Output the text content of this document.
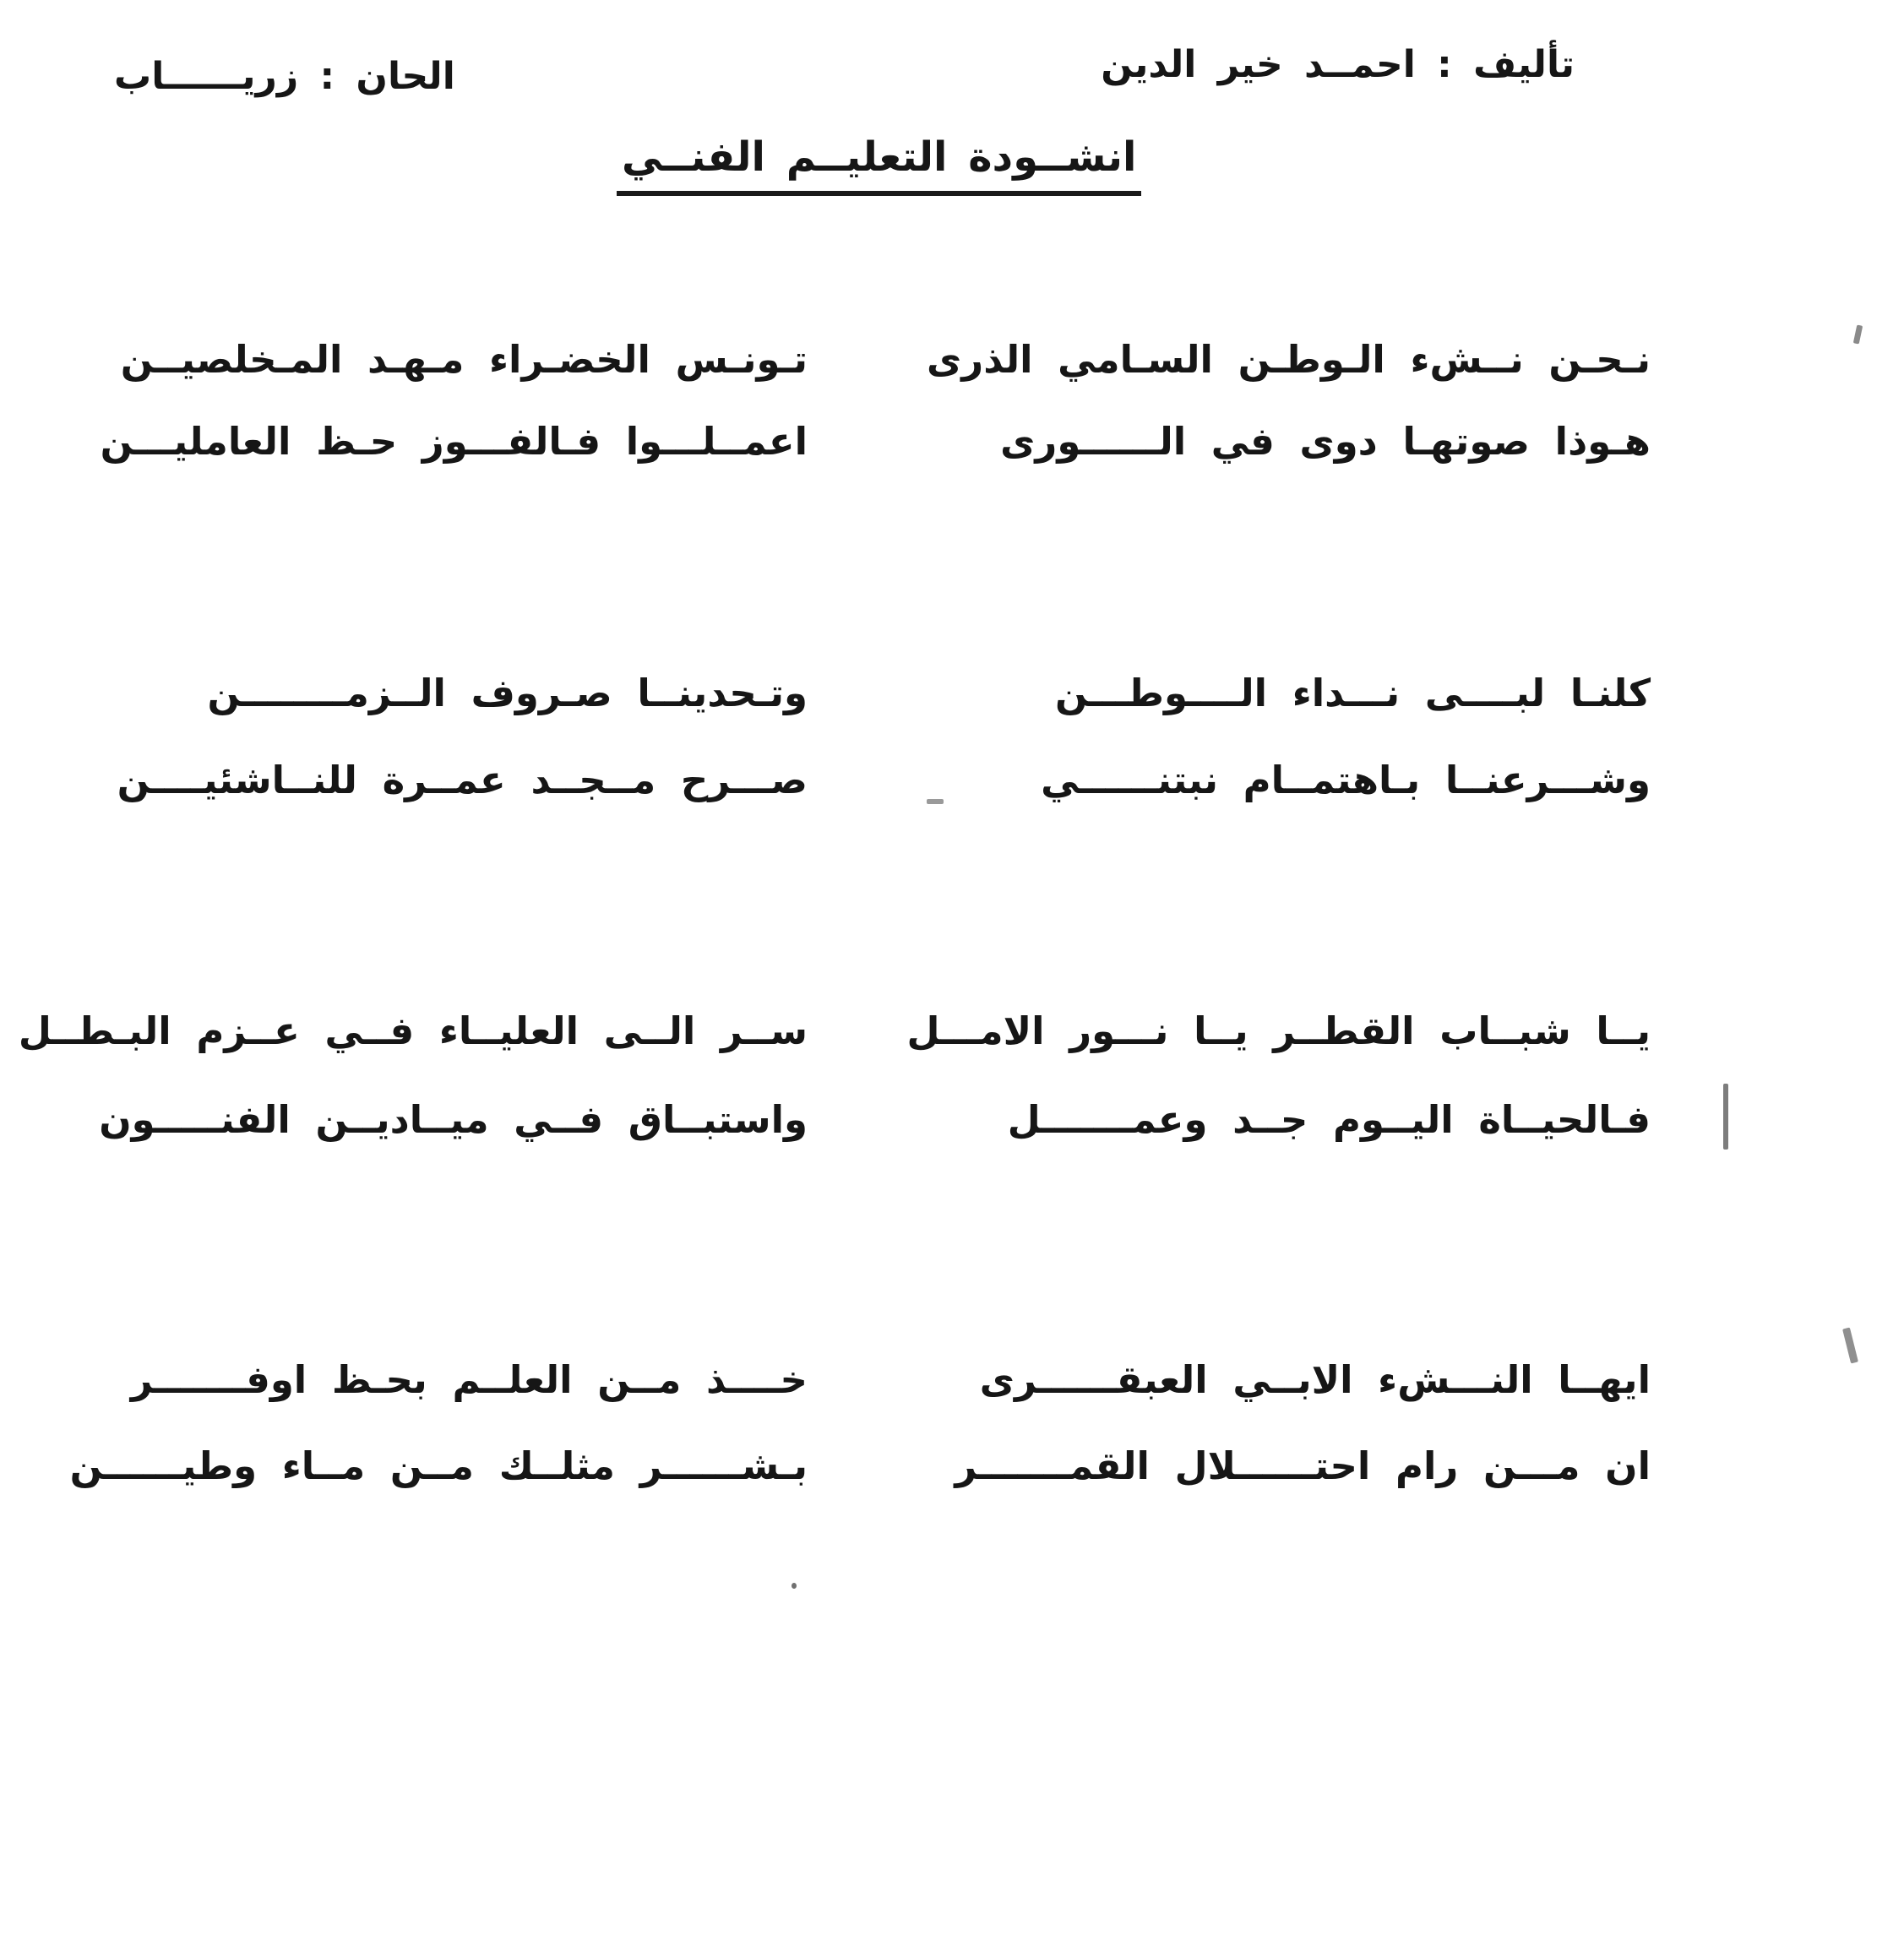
تأليف : احمــد خير الدين
الحان : زريــــــاب
انشــودة التعليــم الفنــي
نـحـن نــشء الـوطـن السـامي الذرى
تـونـس الخضـراء مـهـد المـخلصيــن
هـوذا صوتهـا دوى في الــــــورى
اعمــلـــوا فـالفـــوز حـظ العامليـــن
كلنـا لبــــى نـــداء الــــوطـــن
وتـحدينــا صـروف الــزمــــــــن
وشـــرعنــا بـاهتمــام نبتنــــــي
صـــرح مــجــد عمــرة للنــاشئيــــن
يــا شبــاب القطــر يــا نـــور الامـــل
ســر الــى العليــاء فــي عــزم البـطــل
فـالحيــاة اليــوم جــد وعمـــــــل
واستبــاق فــي ميــاديــن الفنـــــون
ايهــا النـــشء الابــي العبقــــــرى
خــــذ مــن العلــم بحـظ اوفـــــــر
ان مـــن رام احتــــــلال القمـــــــر
بـشــــــر مثلــك مــن مــاء وطيــــــن
